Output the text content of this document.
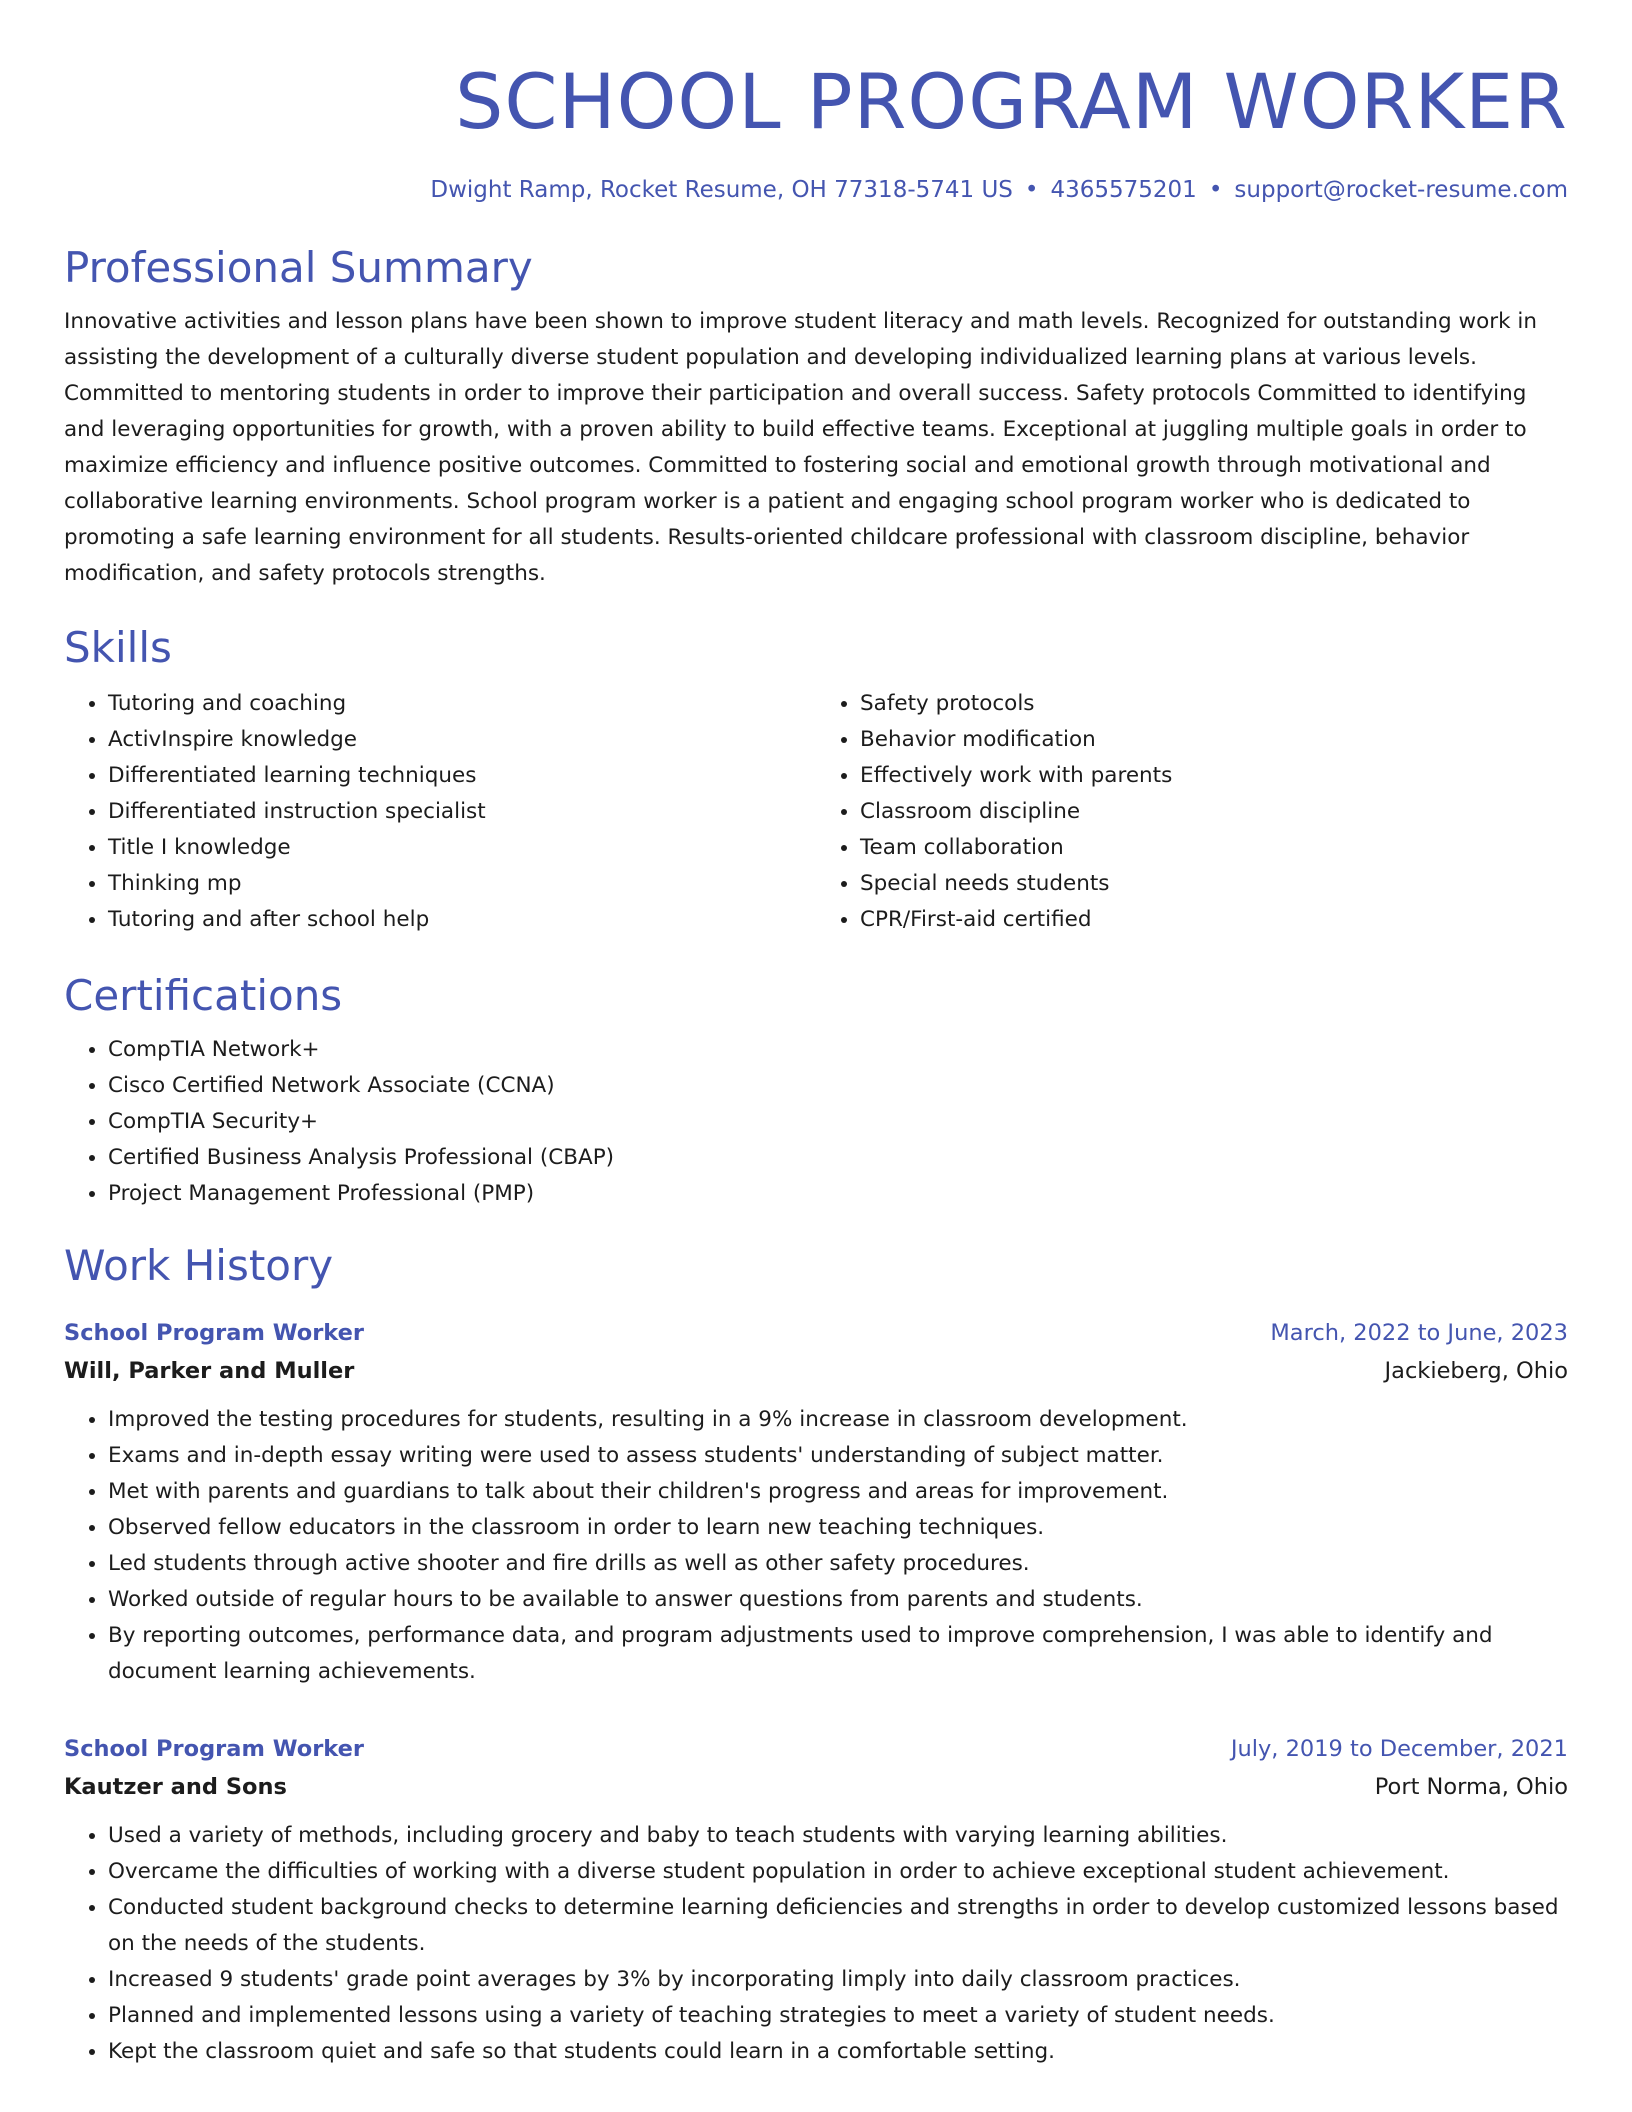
SCHOOL PROGRAM WORKER
Dwight Ramp, Rocket Resume, OH 77318-5741 US • 4365575201 • support@rocket-resume.com
Professional Summary

Innovative activities and lesson plans have been shown to improve student literacy and math levels. Recognized for outstanding work in assisting the development of a culturally diverse student population and developing individualized learning plans at various levels. Committed to mentoring students in order to improve their participation and overall success. Safety protocols Committed to identifying and leveraging opportunities for growth, with a proven ability to build effective teams. Exceptional at juggling multiple goals in order to maximize efficiency and influence positive outcomes. Committed to fostering social and emotional growth through motivational and collaborative learning environments. School program worker is a patient and engaging school program worker who is dedicated to promoting a safe learning environment for all students. Results-oriented childcare professional with classroom discipline, behavior modification, and safety protocols strengths.

Skills
• Tutoring and coaching
• ActivInspire knowledge
• Differentiated learning techniques
• Differentiated instruction specialist
• Title I knowledge
• Thinking mp
• Tutoring and after school help
• Safety protocols
• Behavior modification
• Effectively work with parents
• Classroom discipline
• Team collaboration
• Special needs students
• CPR/First-aid certified
Certifications
• CompTIA Network+
• Cisco Certified Network Associate (CCNA)
• CompTIA Security+
• Certified Business Analysis Professional (CBAP)
• Project Management Professional (PMP)
Work History
School Program Worker	March, 2022 to June, 2023
Will, Parker and Muller	Jackieberg, Ohio
• Improved the testing procedures for students, resulting in a 9% increase in classroom development.
• Exams and in-depth essay writing were used to assess students' understanding of subject matter.
• Met with parents and guardians to talk about their children's progress and areas for improvement.
• Observed fellow educators in the classroom in order to learn new teaching techniques.
• Led students through active shooter and fire drills as well as other safety procedures.
• Worked outside of regular hours to be available to answer questions from parents and students.
• By reporting outcomes, performance data, and program adjustments used to improve comprehension, I was able to identify and document learning achievements.
School Program Worker	July, 2019 to December, 2021
Kautzer and Sons	Port Norma, Ohio
• Used a variety of methods, including grocery and baby to teach students with varying learning abilities.
• Overcame the difficulties of working with a diverse student population in order to achieve exceptional student achievement.
• Conducted student background checks to determine learning deficiencies and strengths in order to develop customized lessons based on the needs of the students.
• Increased 9 students' grade point averages by 3% by incorporating limply into daily classroom practices.
• Planned and implemented lessons using a variety of teaching strategies to meet a variety of student needs.
• Kept the classroom quiet and safe so that students could learn in a comfortable setting.
